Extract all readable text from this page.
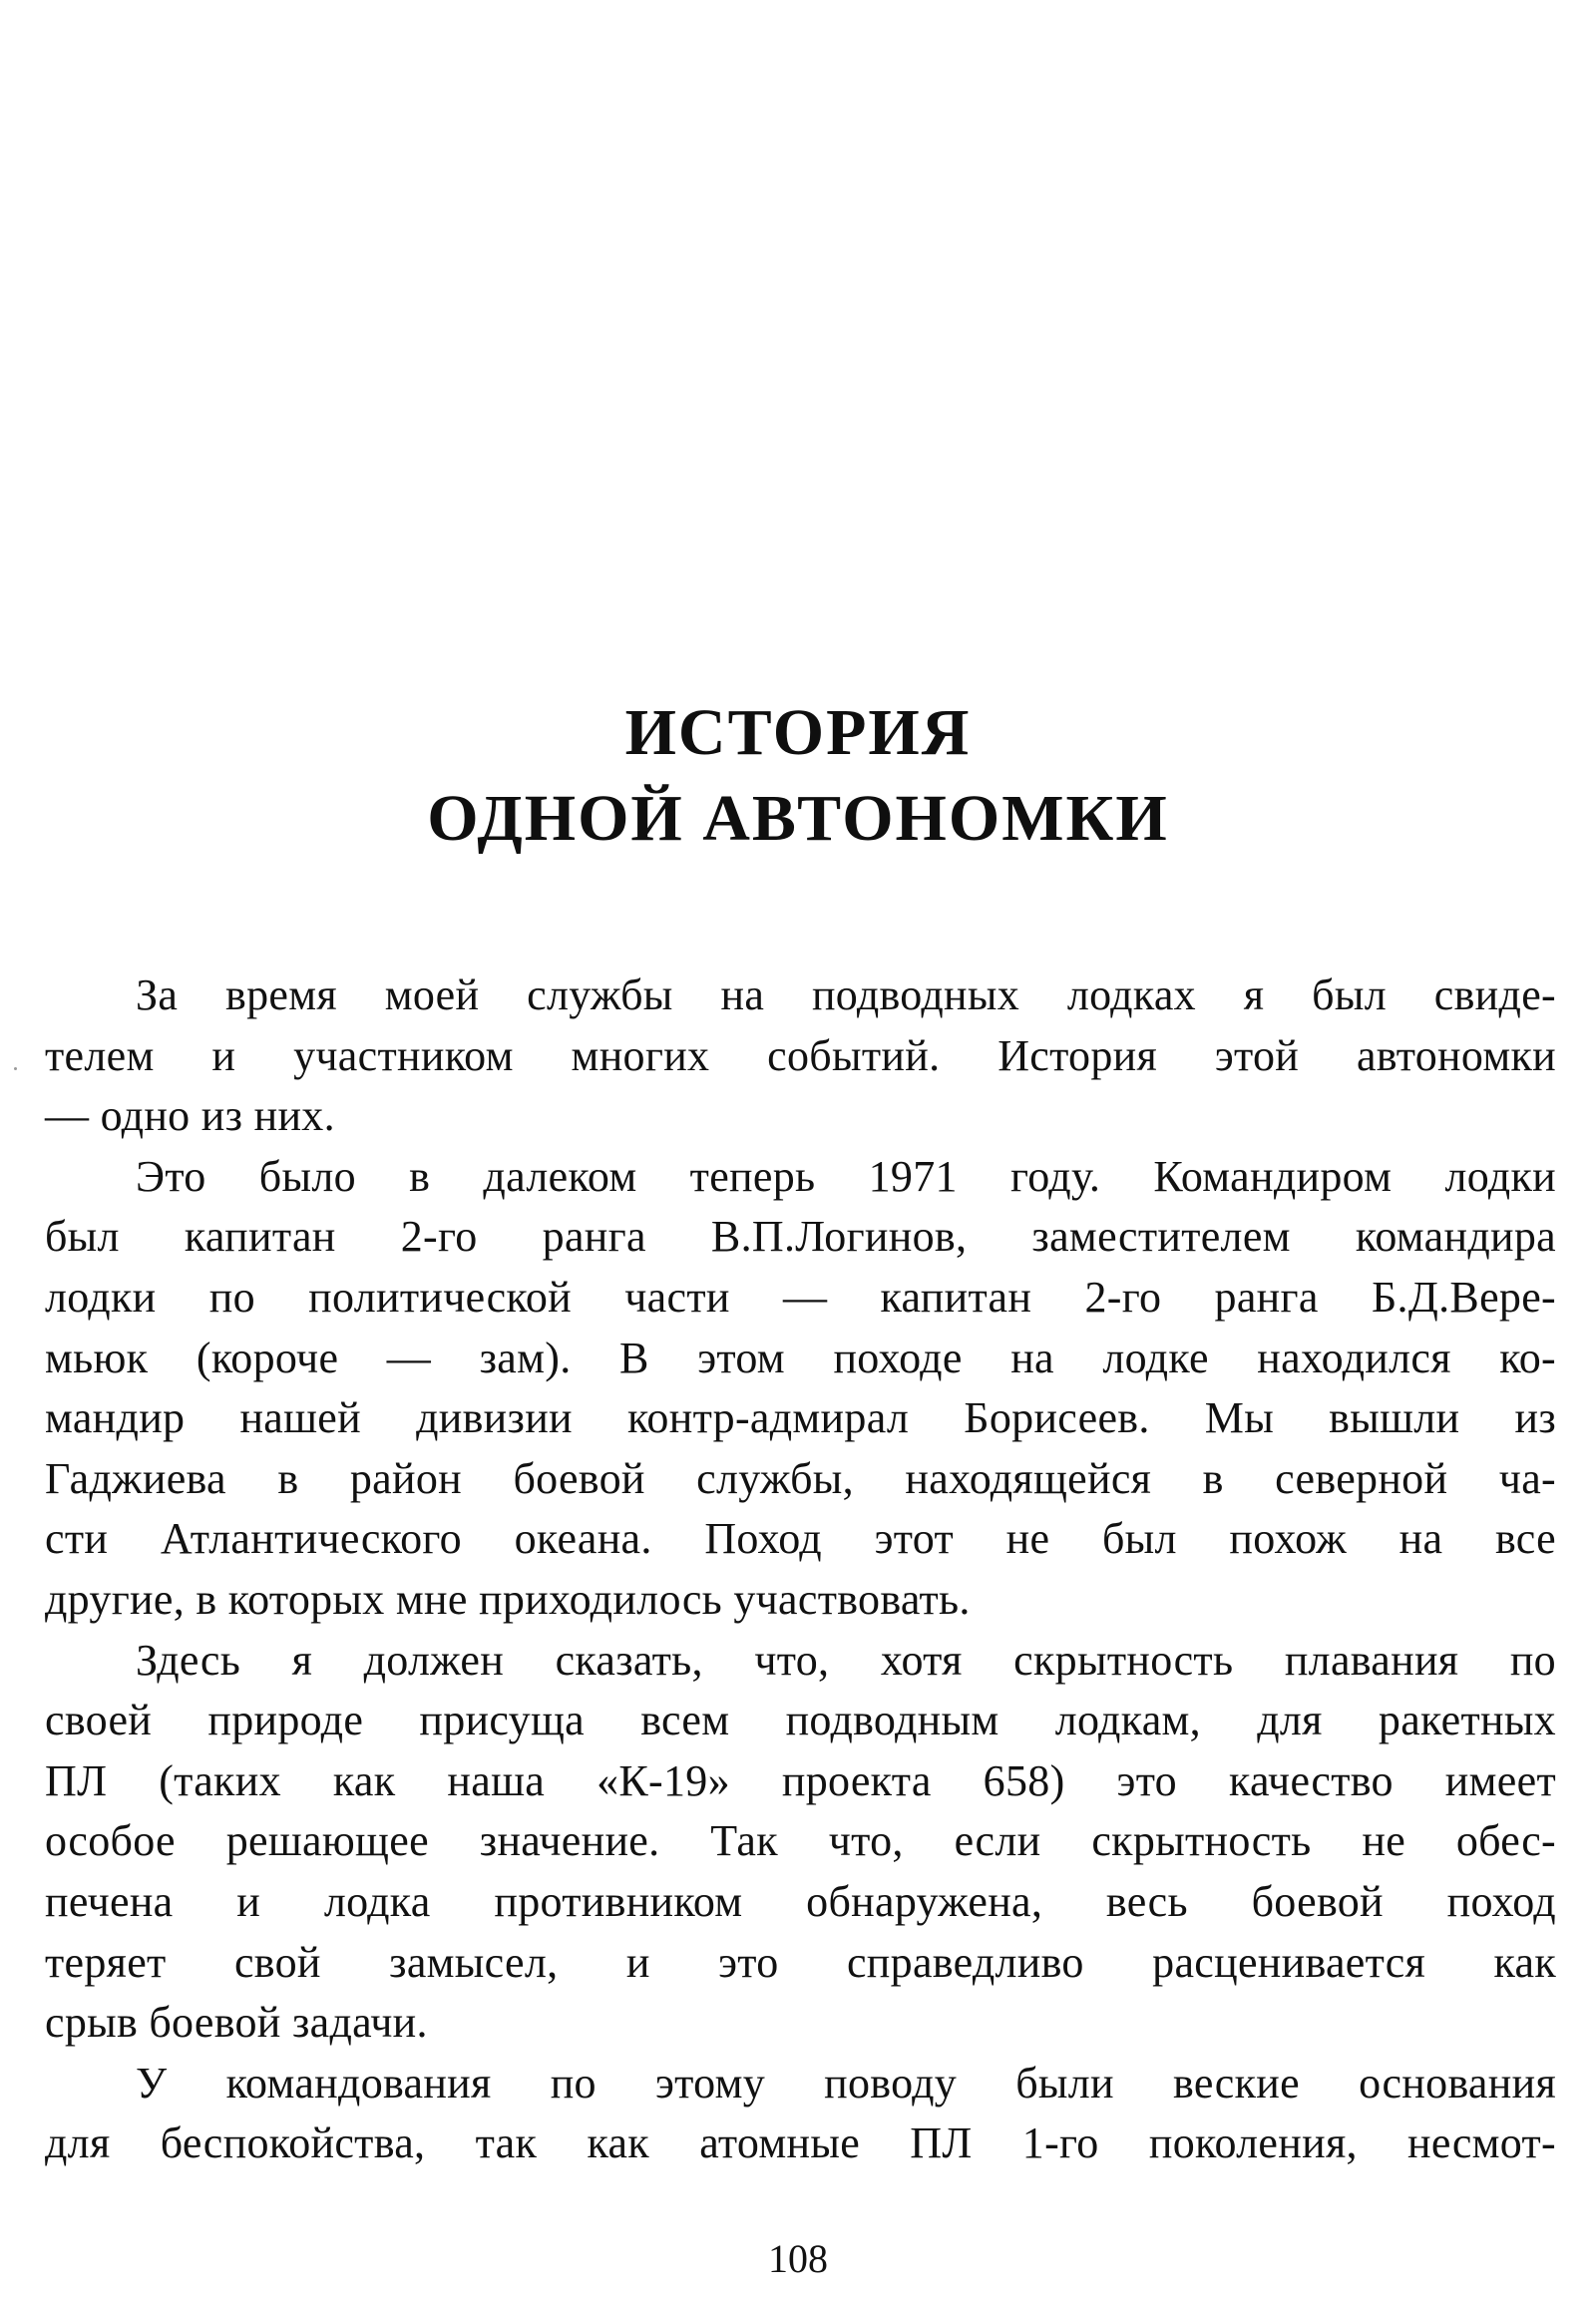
ИСТОРИЯ
ОДНОЙ АВТОНОМКИ
За время моей службы на подводных лодках я был свиде-
телем и участником многих событий. История этой автономки
— одно из них.
Это было в далеком теперь 1971 году. Командиром лодки
был капитан 2-го ранга В.П.Логинов, заместителем командира
лодки по политической части — капитан 2-го ранга Б.Д.Вере-
мьюк (короче — зам). В этом походе на лодке находился ко-
мандир нашей дивизии контр-адмирал Борисеев. Мы вышли из
Гаджиева в район боевой службы, находящейся в северной ча-
сти Атлантического океана. Поход этот не был похож на все
другие, в которых мне приходилось участвовать.
Здесь я должен сказать, что, хотя скрытность плавания по
своей природе присуща всем подводным лодкам, для ракетных
ПЛ (таких как наша «К-19» проекта 658) это качество имеет
особое решающее значение. Так что, если скрытность не обес-
печена и лодка противником обнаружена, весь боевой поход
теряет свой замысел, и это справедливо расценивается как
срыв боевой задачи.
У командования по этому поводу были веские основания
для беспокойства, так как атомные ПЛ 1-го поколения, несмот-
108
